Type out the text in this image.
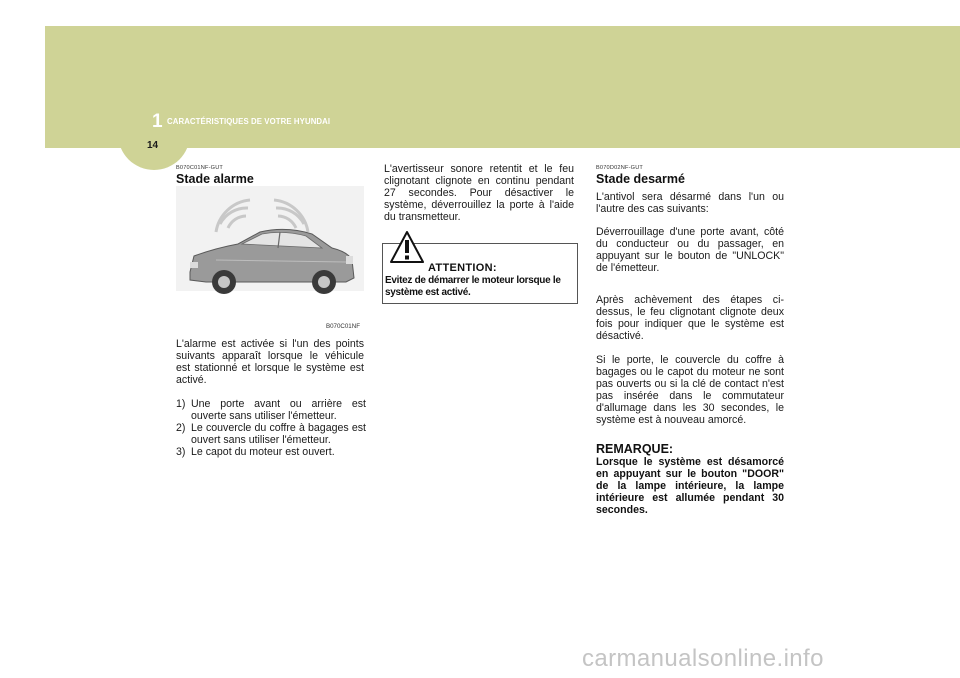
1 CARACTÉRISTIQUES DE VOTRE HYUNDAI
14
B070C01NF-GUT
Stade alarme
B070C01NF
L'alarme est activée si l'un des points suivants apparaît lorsque le véhicule est stationné et lorsque le système est activé.
1) Une porte avant ou arrière est ouverte sans utiliser l'émetteur.
2) Le couvercle du coffre à bagages est ouvert sans utiliser l'émetteur.
3) Le capot du moteur est ouvert.
L'avertisseur sonore retentit et le feu clignotant clignote en continu pendant 27 secondes. Pour désactiver le système, déverrouillez la porte à l'aide du transmetteur.
ATTENTION:
Evitez de démarrer le moteur lorsque le système est activé.
B070D02NF-GUT
Stade desarmé
L'antivol sera désarmé dans l'un ou l'autre des cas suivants:
Déverrouillage d'une porte avant, côté du conducteur ou du passager, en appuyant sur le bouton de "UNLOCK" de l'émetteur.
Après achèvement des étapes ci-dessus, le feu clignotant clignote deux fois pour indiquer que le système est désactivé.
Si le porte, le couvercle du coffre à bagages ou le capot du moteur ne sont pas ouverts ou si la clé de contact n'est pas insérée dans le commutateur d'allumage dans les 30 secondes, le système est à nouveau amorcé.
REMARQUE:
Lorsque le système est désamorcé en appuyant sur le bouton "DOOR" de la lampe intérieure, la lampe intérieure est allumée pendant 30 secondes.
carmanualsonline.info
